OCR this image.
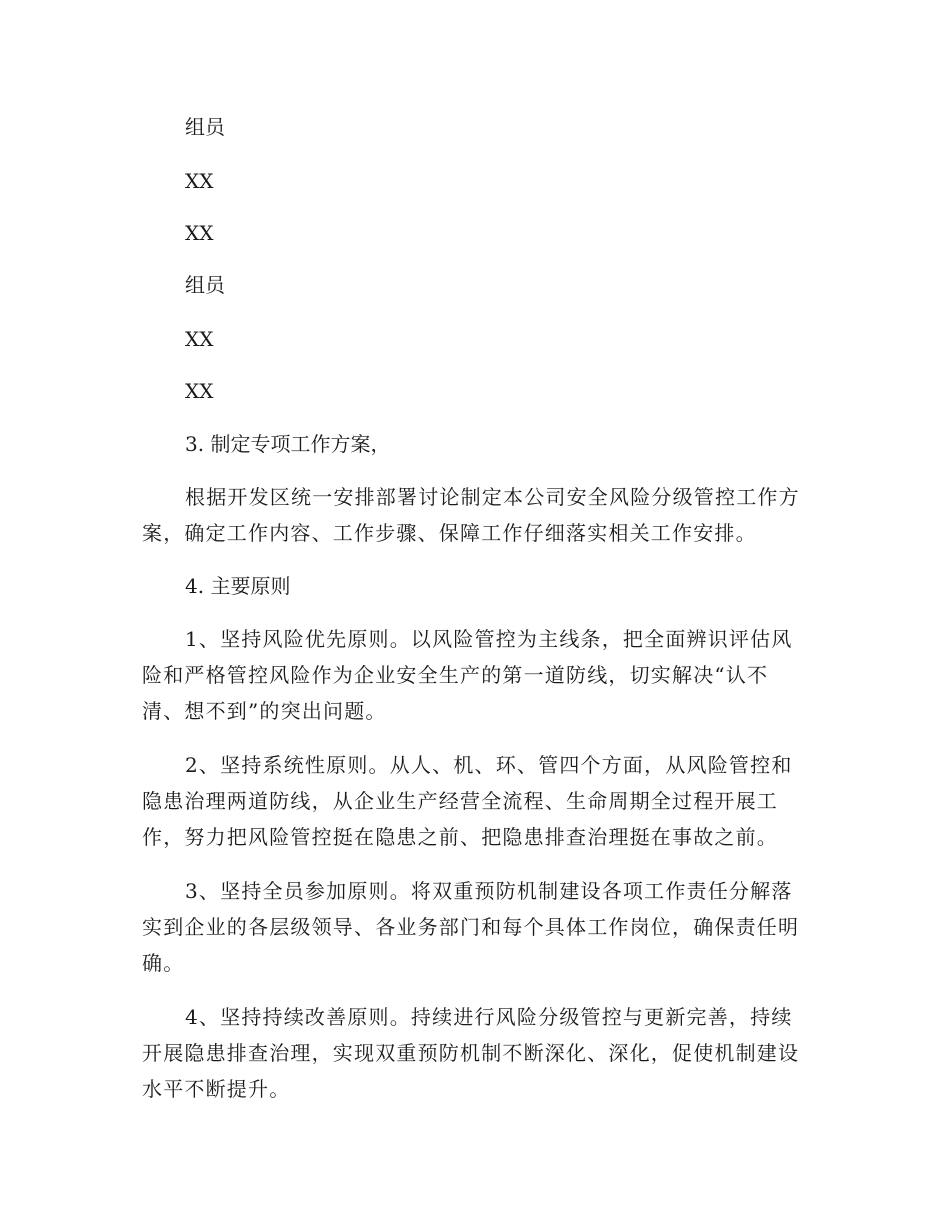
组员
XX
XX
组员
XX
XX
3. 制定专项工作方案，
根据开发区统一安排部署讨论制定本公司安全风险分级管控工作方案，确定工作内容、工作步骤、保障工作仔细落实相关工作安排。
4. 主要原则
1、坚持风险优先原则。以风险管控为主线条，把全面辨识评估风险和严格管控风险作为企业安全生产的第一道防线，切实解决“认不清、想不到”的突出问题。
2、坚持系统性原则。从人、机、环、管四个方面，从风险管控和隐患治理两道防线，从企业生产经营全流程、生命周期全过程开展工作，努力把风险管控挺在隐患之前、把隐患排查治理挺在事故之前。
3、坚持全员参加原则。将双重预防机制建设各项工作责任分解落实到企业的各层级领导、各业务部门和每个具体工作岗位，确保责任明确。
4、坚持持续改善原则。持续进行风险分级管控与更新完善，持续开展隐患排查治理，实现双重预防机制不断深化、深化，促使机制建设水平不断提升。
